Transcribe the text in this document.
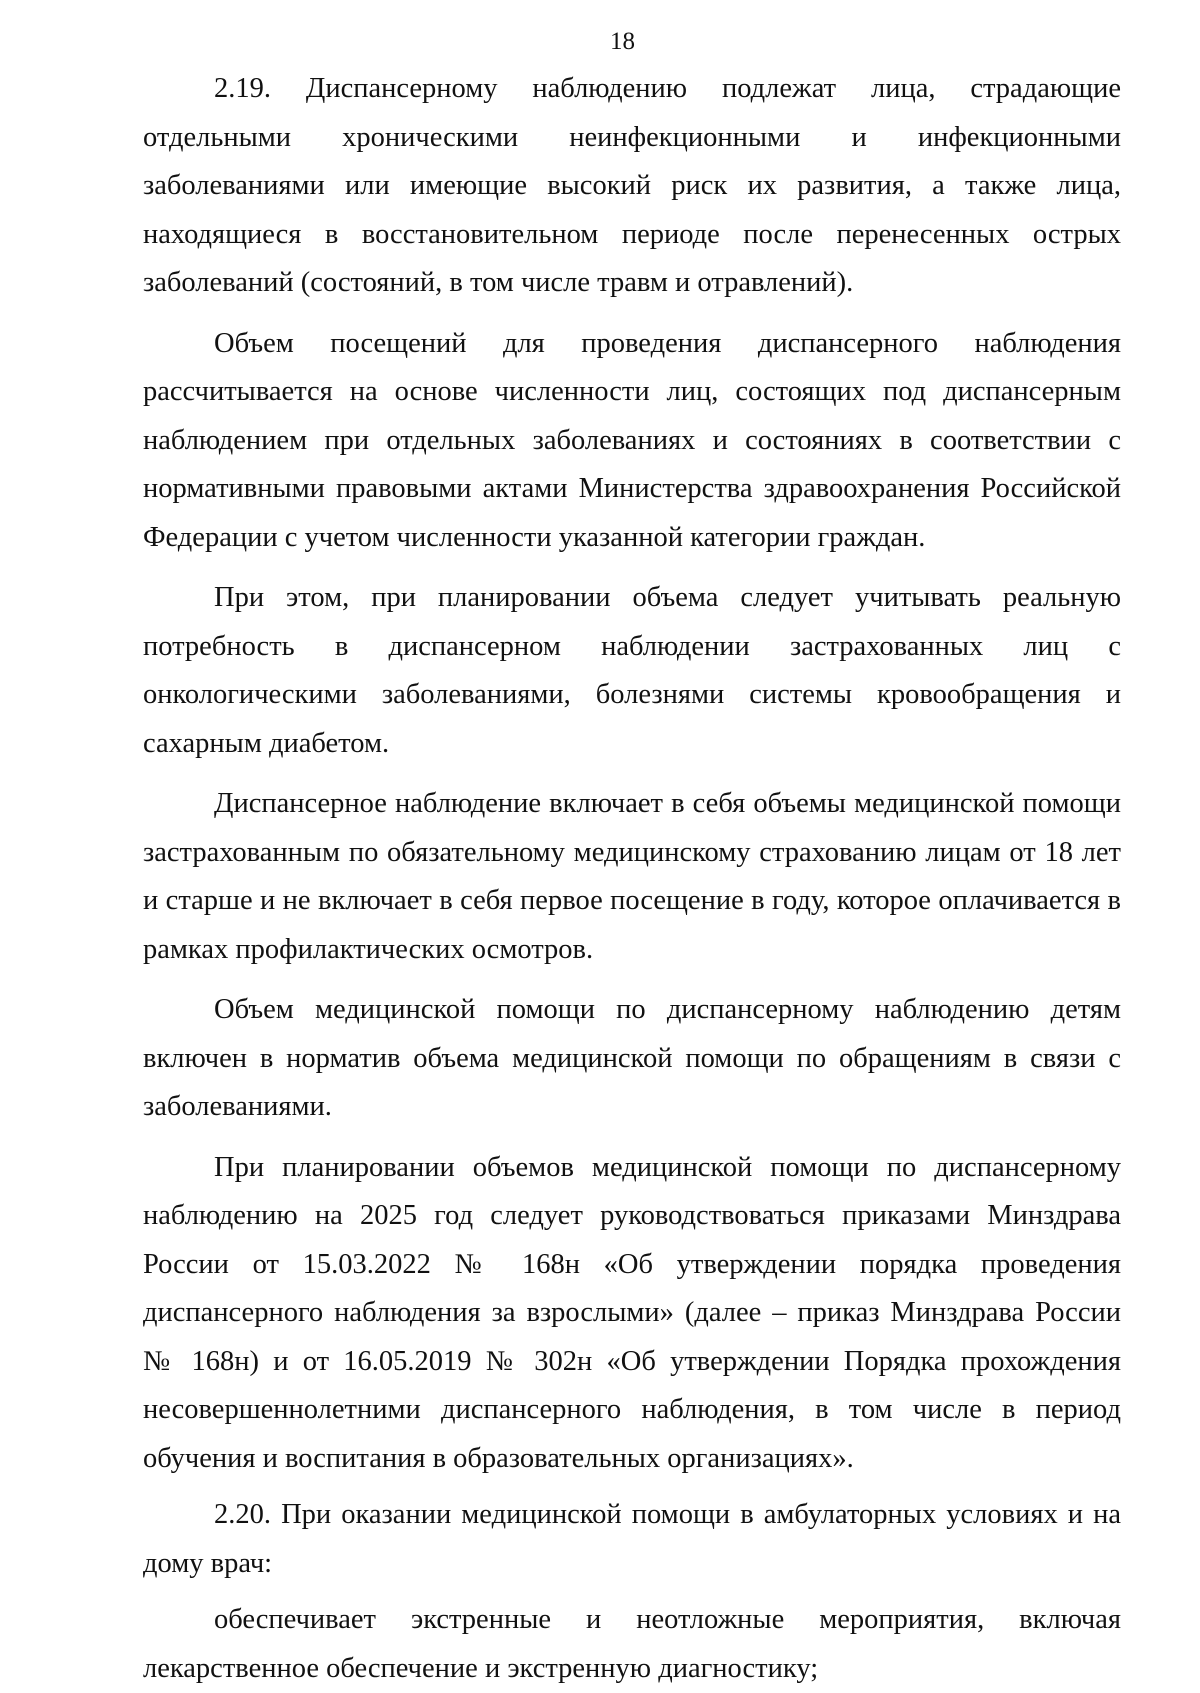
18

2.19. Диспансерному наблюдению подлежат лица, страдающие отдельными хроническими неинфекционными и инфекционными заболеваниями или имеющие высокий риск их развития, а также лица, находящиеся в восстановительном периоде после перенесенных острых заболеваний (состояний, в том числе травм и отравлений).

Объем посещений для проведения диспансерного наблюдения рассчитывается на основе численности лиц, состоящих под диспансерным наблюдением при отдельных заболеваниях и состояниях в соответствии с нормативными правовыми актами Министерства здравоохранения Российской Федерации с учетом численности указанной категории граждан.

При этом, при планировании объема следует учитывать реальную потребность в диспансерном наблюдении застрахованных лиц с онкологическими заболеваниями, болезнями системы кровообращения и сахарным диабетом.

Диспансерное наблюдение включает в себя объемы медицинской помощи застрахованным по обязательному медицинскому страхованию лицам от 18 лет и старше и не включает в себя первое посещение в году, которое оплачивается в рамках профилактических осмотров.

Объем медицинской помощи по диспансерному наблюдению детям включен в норматив объема медицинской помощи по обращениям в связи с заболеваниями.

При планировании объемов медицинской помощи по диспансерному наблюдению на 2025 год следует руководствоваться приказами Минздрава России от 15.03.2022 № 168н «Об утверждении порядка проведения диспансерного наблюдения за взрослыми» (далее – приказ Минздрава России № 168н) и от 16.05.2019 № 302н «Об утверждении Порядка прохождения несовершеннолетними диспансерного наблюдения, в том числе в период обучения и воспитания в образовательных организациях».

2.20. При оказании медицинской помощи в амбулаторных условиях и на дому врач:

обеспечивает экстренные и неотложные мероприятия, включая лекарственное обеспечение и экстренную диагностику;
